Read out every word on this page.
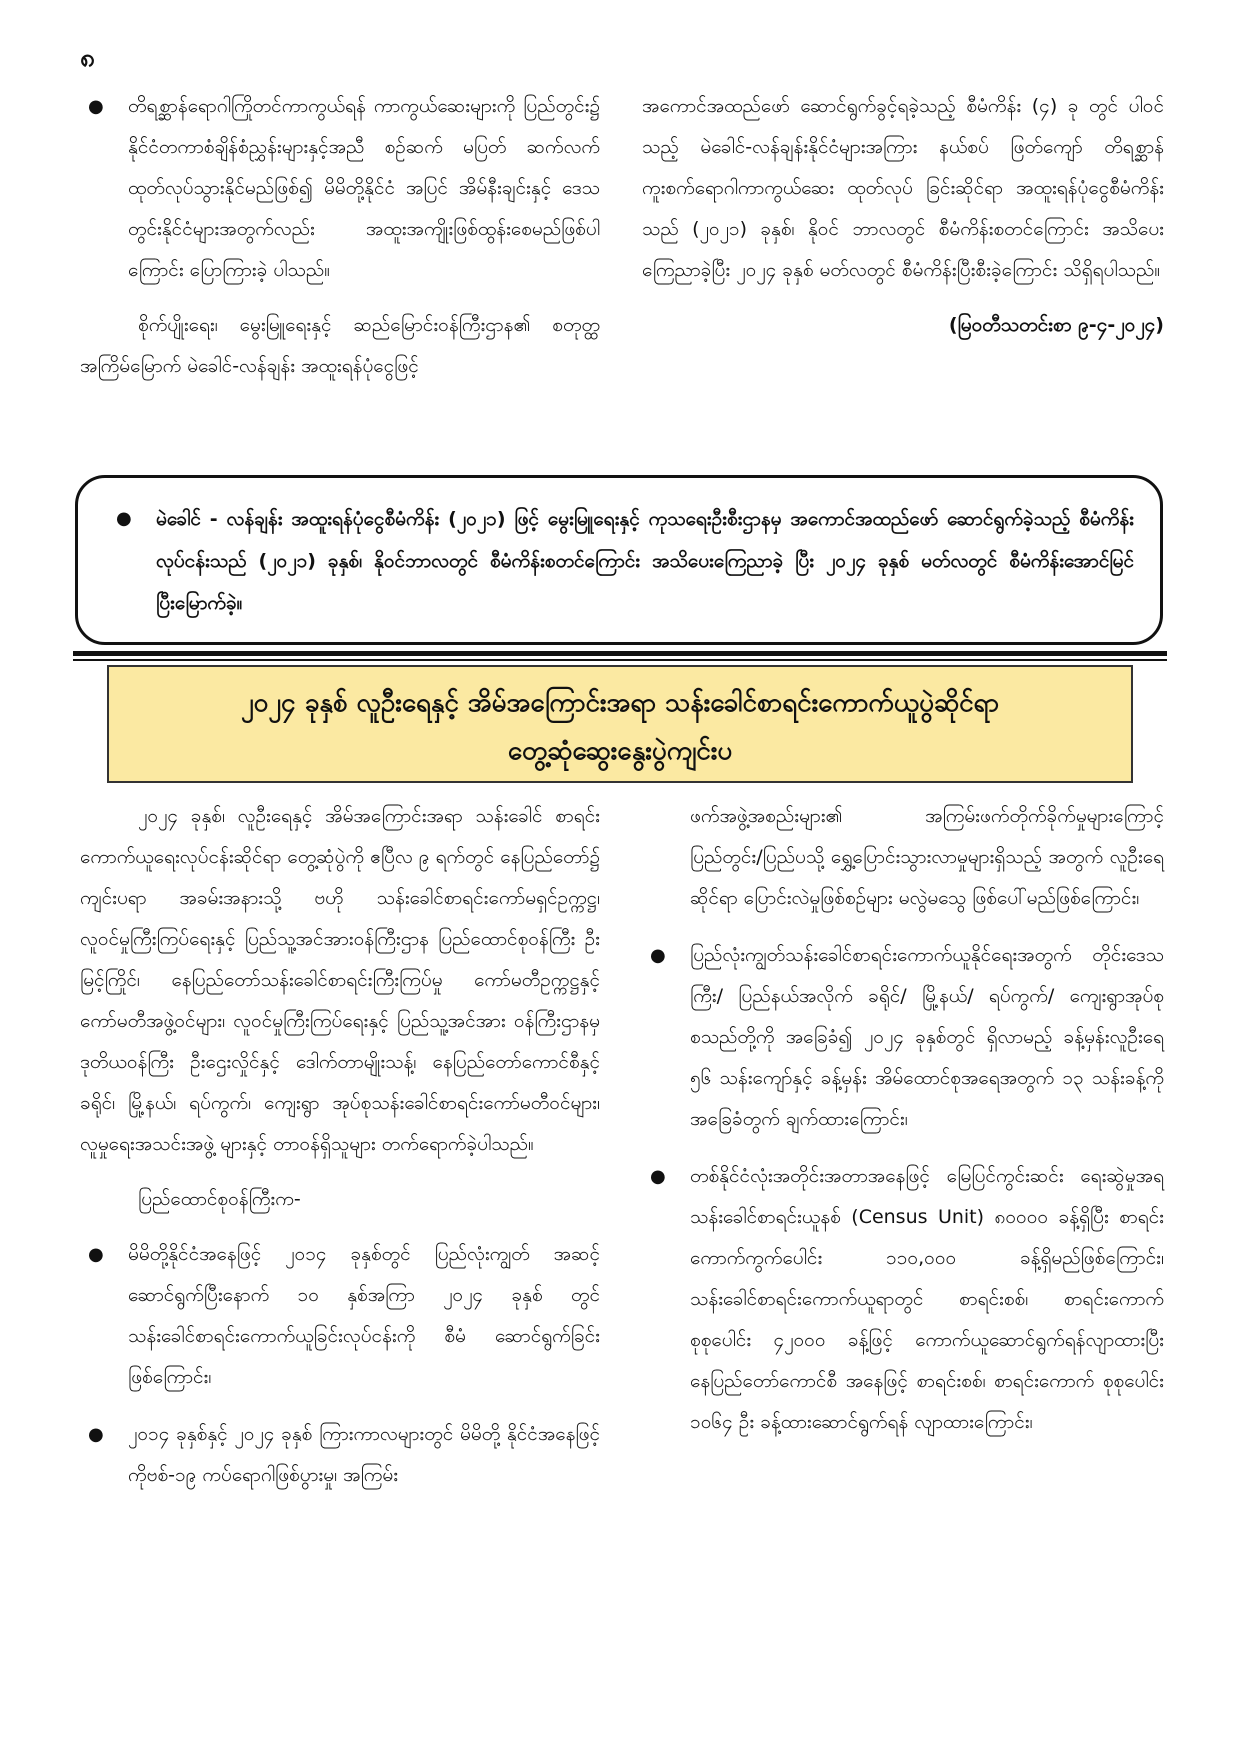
၈

● တိရစ္ဆာန်ရောဂါကြိုတင်ကာကွယ်ရန် ကာကွယ်ဆေးများကို ပြည်တွင်း၌ နိုင်ငံတကာစံချိန်စံညွှန်းများနှင့်အညီ စဉ်ဆက် မပြတ် ဆက်လက်ထုတ်လုပ်သွားနိုင်မည်ဖြစ်၍ မိမိတို့နိုင်ငံ အပြင် အိမ်နီးချင်းနှင့် ဒေသတွင်းနိုင်ငံများအတွက်လည်း အထူးအကျိုးဖြစ်ထွန်းစေမည်ဖြစ်ပါကြောင်း ပြောကြားခဲ့ ပါသည်။

စိုက်ပျိုးရေး၊ မွေးမြူရေးနှင့် ဆည်မြောင်းဝန်ကြီးဌာန၏ စတုတ္ထအကြိမ်မြောက် မဲခေါင်-လန်ချန်း အထူးရန်ပုံငွေဖြင့်

အကောင်အထည်ဖော် ဆောင်ရွက်ခွင့်ရခဲ့သည့် စီမံကိန်း (၄) ခု တွင် ပါဝင်သည့် မဲခေါင်-လန်ချန်းနိုင်ငံများအကြား နယ်စပ် ဖြတ်ကျော် တိရစ္ဆာန်ကူးစက်ရောဂါကာကွယ်ဆေး ထုတ်လုပ် ခြင်းဆိုင်ရာ အထူးရန်ပုံငွေစီမံကိန်းသည် (၂၀၂၁) ခုနှစ်၊ နိုဝင် ဘာလတွင် စီမံကိန်းစတင်ကြောင်း အသိပေးကြေညာခဲ့ပြီး ၂၀၂၄ ခုနှစ် မတ်လတွင် စီမံကိန်းပြီးစီးခဲ့ကြောင်း သိရှိရပါသည်။

(မြဝတီသတင်းစာ ၉-၄-၂၀၂၄)

● မဲခေါင် - လန်ချန်း အထူးရန်ပုံငွေစီမံကိန်း (၂၀၂၁) ဖြင့် မွေးမြူရေးနှင့် ကုသရေးဦးစီးဌာနမှ အကောင်အထည်ဖော် ဆောင်ရွက်ခဲ့သည့် စီမံကိန်းလုပ်ငန်းသည် (၂၀၂၁) ခုနှစ်၊ နိုဝင်ဘာလတွင် စီမံကိန်းစတင်ကြောင်း အသိပေးကြေညာခဲ့ ပြီး ၂၀၂၄ ခုနှစ် မတ်လတွင် စီမံကိန်းအောင်မြင်ပြီးမြောက်ခဲ့။

၂၀၂၄ ခုနှစ် လူဦးရေနှင့် အိမ်အကြောင်းအရာ သန်းခေါင်စာရင်းကောက်ယူပွဲဆိုင်ရာ
တွေ့ဆုံဆွေးနွေးပွဲကျင်းပ

၂၀၂၄ ခုနှစ်၊ လူဦးရေနှင့် အိမ်အကြောင်းအရာ သန်းခေါင် စာရင်းကောက်ယူရေးလုပ်ငန်းဆိုင်ရာ တွေ့ဆုံပွဲကို ဧပြီလ ၉ ရက်တွင် နေပြည်တော်၌ ကျင်းပရာ အခမ်းအနားသို့ ဗဟို သန်းခေါင်စာရင်းကော်မရှင်ဥက္ကဋ္ဌ၊ လူဝင်မှုကြီးကြပ်ရေးနှင့် ပြည်သူ့အင်အားဝန်ကြီးဌာန ပြည်ထောင်စုဝန်ကြီး ဦးမြင့်ကြိုင်၊ နေပြည်တော်သန်းခေါင်စာရင်းကြီးကြပ်မှု ကော်မတီဥက္ကဋ္ဌနှင့် ကော်မတီအဖွဲ့ဝင်များ၊ လူဝင်မှုကြီးကြပ်ရေးနှင့် ပြည်သူ့အင်အား ဝန်ကြီးဌာနမှ ဒုတိယဝန်ကြီး ဦးဌေးလှိုင်နှင့် ဒေါက်တာမျိုးသန့်၊ နေပြည်တော်ကောင်စီနှင့် ခရိုင်၊ မြို့နယ်၊ ရပ်ကွက်၊ ကျေးရွာ အုပ်စုသန်းခေါင်စာရင်းကော်မတီဝင်များ၊ လူမှုရေးအသင်းအဖွဲ့ များနှင့် တာဝန်ရှိသူများ တက်ရောက်ခဲ့ပါသည်။

ပြည်ထောင်စုဝန်ကြီးက-

● မိမိတို့နိုင်ငံအနေဖြင့် ၂၀၁၄ ခုနှစ်တွင် ပြည်လုံးကျွတ် အဆင့် ဆောင်ရွက်ပြီးနောက် ၁၀ နှစ်အကြာ ၂၀၂၄ ခုနှစ် တွင် သန်းခေါင်စာရင်းကောက်ယူခြင်းလုပ်ငန်းကို စီမံ ဆောင်ရွက်ခြင်းဖြစ်ကြောင်း၊

● ၂၀၁၄ ခုနှစ်နှင့် ၂၀၂၄ ခုနှစ် ကြားကာလများတွင် မိမိတို့ နိုင်ငံအနေဖြင့် ကိုဗစ်-၁၉ ကပ်ရောဂါဖြစ်ပွားမှု၊ အကြမ်း

ဖက်အဖွဲ့အစည်းများ၏ အကြမ်းဖက်တိုက်ခိုက်မှုများကြောင့် ပြည်တွင်း/ပြည်ပသို့ ရွှေ့ပြောင်းသွားလာမှုများရှိသည့် အတွက် လူဦးရေဆိုင်ရာ ပြောင်းလဲမှုဖြစ်စဉ်များ မလွဲမသွေ ဖြစ်ပေါ်မည်ဖြစ်ကြောင်း၊

● ပြည်လုံးကျွတ်သန်းခေါင်စာရင်းကောက်ယူနိုင်ရေးအတွက် တိုင်းဒေသကြီး/ ပြည်နယ်အလိုက် ခရိုင်/ မြို့နယ်/ ရပ်ကွက်/ ကျေးရွာအုပ်စု စသည်တို့ကို အခြေခံ၍ ၂၀၂၄ ခုနှစ်တွင် ရှိလာမည့် ခန့်မှန်းလူဦးရေ ၅၆ သန်းကျော်နှင့် ခန့်မှန်း အိမ်ထောင်စုအရေအတွက် ၁၃ သန်းခန့်ကို အခြေခံတွက် ချက်ထားကြောင်း၊

● တစ်နိုင်ငံလုံးအတိုင်းအတာအနေဖြင့် မြေပြင်ကွင်းဆင်း ရေးဆွဲမှုအရ သန်းခေါင်စာရင်းယူနစ် (Census Unit) ၈၀၀၀၀ ခန့်ရှိပြီး စာရင်းကောက်ကွက်ပေါင်း ၁၁၀,၀၀၀ ခန့်ရှိမည်ဖြစ်ကြောင်း၊ သန်းခေါင်စာရင်းကောက်ယူရာတွင် စာရင်းစစ်၊ စာရင်းကောက် စုစုပေါင်း ၄၂၀၀၀ ခန့်ဖြင့် ကောက်ယူဆောင်ရွက်ရန်လျာထားပြီး နေပြည်တော်ကောင်စီ အနေဖြင့် စာရင်းစစ်၊ စာရင်းကောက် စုစုပေါင်း ၁၀၆၄ ဦး ခန့်ထားဆောင်ရွက်ရန် လျာထားကြောင်း၊
